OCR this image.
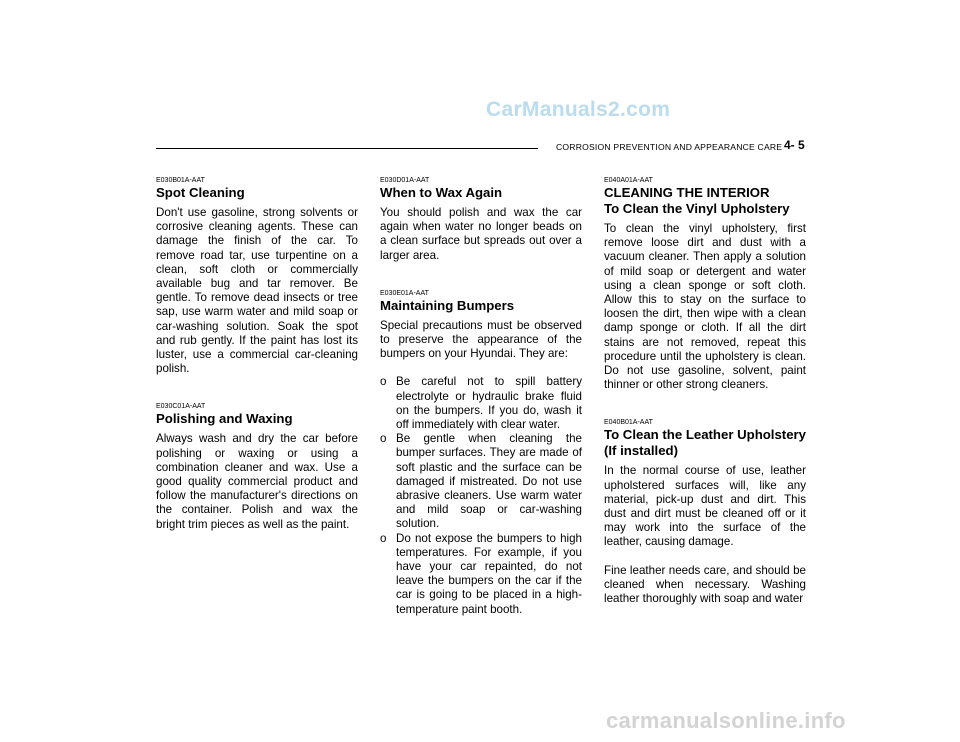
CarManuals2.com
CORROSION PREVENTION AND APPEARANCE CARE 4- 5
E030B01A-AAT
Spot Cleaning

Don't use gasoline, strong solvents or corrosive cleaning agents. These can damage the finish of the car. To remove road tar, use turpentine on a clean, soft cloth or commercially available bug and tar remover. Be gentle. To remove dead insects or tree sap, use warm water and mild soap or car-washing solution. Soak the spot and rub gently. If the paint has lost its luster, use a commercial car-cleaning polish.

E030C01A-AAT
Polishing and Waxing

Always wash and dry the car before polishing or waxing or using a combination cleaner and wax. Use a good quality commercial product and follow the manufacturer's directions on the container. Polish and wax the bright trim pieces as well as the paint.

E030D01A-AAT
When to Wax Again

You should polish and wax the car again when water no longer beads on a clean surface but spreads out over a larger area.

E030E01A-AAT
Maintaining Bumpers

Special precautions must be observed to preserve the appearance of the bumpers on your Hyundai. They are:

o Be careful not to spill battery electrolyte or hydraulic brake fluid on the bumpers. If you do, wash it off immediately with clear water.
o Be gentle when cleaning the bumper surfaces. They are made of soft plastic and the surface can be damaged if mistreated. Do not use abrasive cleaners. Use warm water and mild soap or car-washing solution.
o Do not expose the bumpers to high temperatures. For example, if you have your car repainted, do not leave the bumpers on the car if the car is going to be placed in a high-temperature paint booth.
E040A01A-AAT
CLEANING THE INTERIOR
To Clean the Vinyl Upholstery

To clean the vinyl upholstery, first remove loose dirt and dust with a vacuum cleaner. Then apply a solution of mild soap or detergent and water using a clean sponge or soft cloth. Allow this to stay on the surface to loosen the dirt, then wipe with a clean damp sponge or cloth. If all the dirt stains are not removed, repeat this procedure until the upholstery is clean. Do not use gasoline, solvent, paint thinner or other strong cleaners.

E040B01A-AAT
To Clean the Leather Upholstery (If installed)

In the normal course of use, leather upholstered surfaces will, like any material, pick-up dust and dirt. This dust and dirt must be cleaned off or it may work into the surface of the leather, causing damage.

Fine leather needs care, and should be cleaned when necessary. Washing leather thoroughly with soap and water

carmanualsonline.info
